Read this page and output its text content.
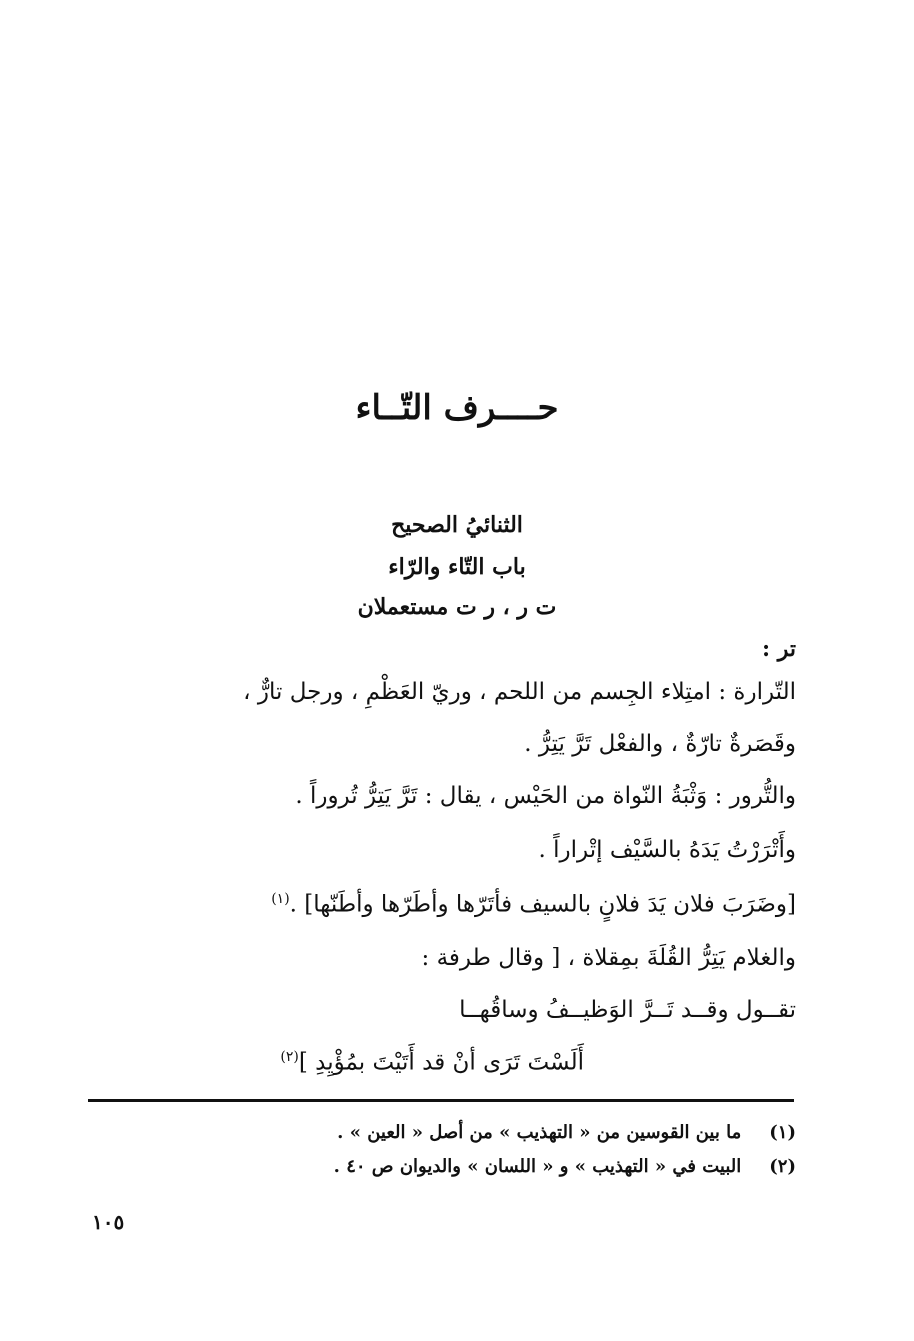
حــــرف التّــاء
الثنائيُ الصحيح
باب التّاء والرّاء
ت ر ، ر ت مستعملان
تر :
التّرارة : امتِلاء الجِسم من اللحم ، وريّ العَظْمِ ، ورجل تارٌّ ،
وقَصَرةٌ تارّةٌ ، والفعْل تَرَّ يَتِرُّ .
والتُّرور : وَثْبَةُ النّواة من الحَيْس ، يقال : تَرَّ يَتِرُّ تُروراً .
وأَتْرَرْتُ يَدَهُ بالسَّيْف إتْراراً .
[وضَرَبَ فلان يَدَ فلانٍ بالسيف فأتَرّها وأطَرّها وأطَنّها] .$^{(١)}$
والغلام يَتِرُّ القُلَةَ بمِقلاة ، [ وقال طرفة :
تقــول وقــد تَــرَّ الوَظيــفُ وساقُهــا
أَلَسْتَ تَرَى أنْ قد أَتَيْتَ بمُؤْيِدِ ]$^{(٢)}$
(١)ما بين القوسين من « التهذيب » من أصل « العين » .
(٢)البيت في « التهذيب » و « اللسان » والديوان ص ٤٠ .
١٠٥
